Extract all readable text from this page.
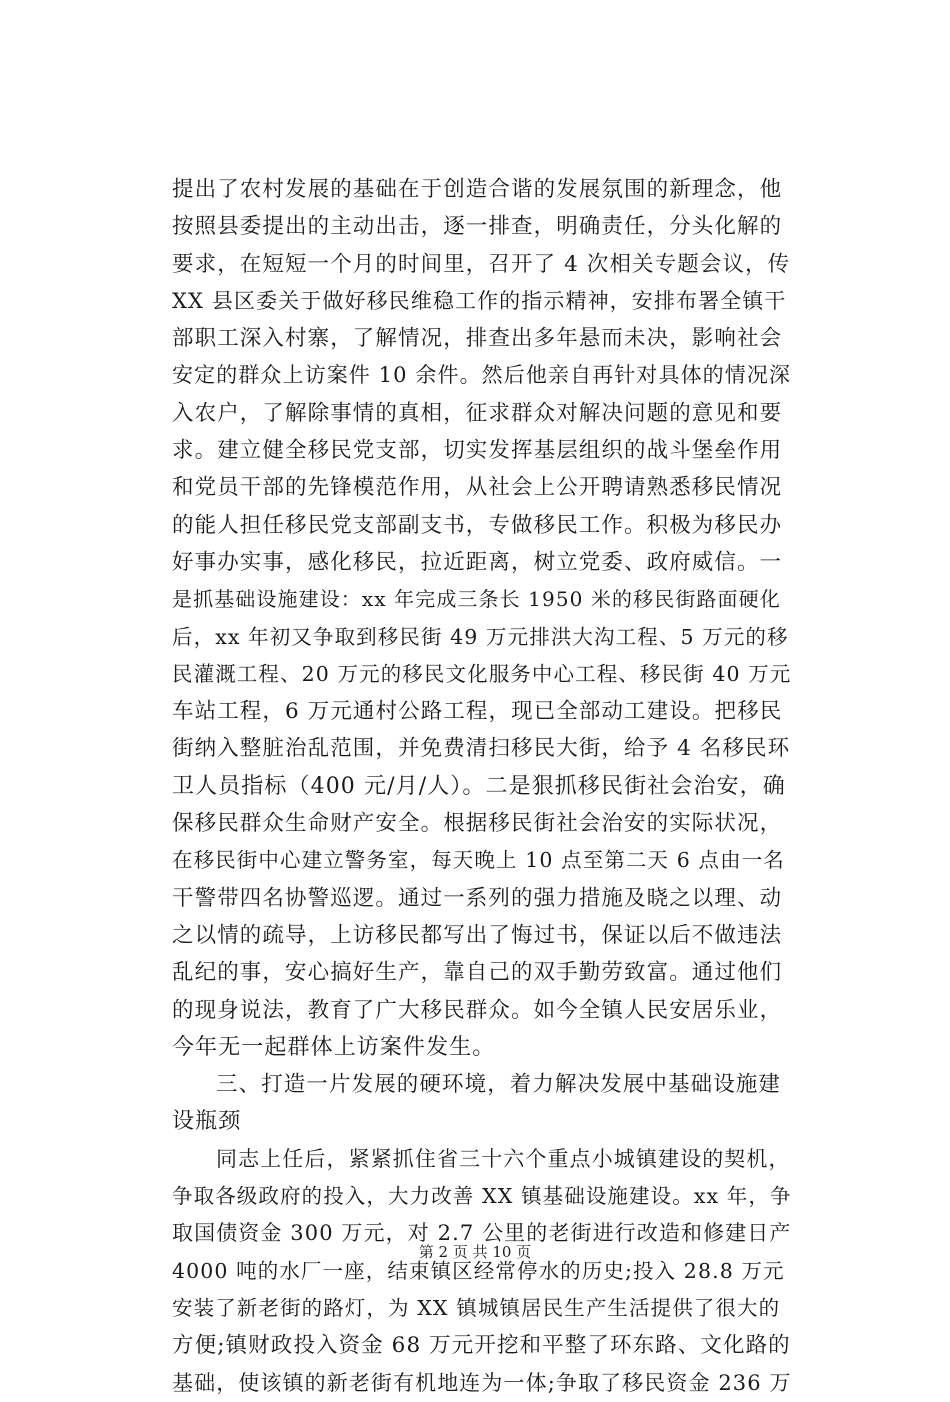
提出了农村发展的基础在于创造合谐的发展氛围的新理念，他
按照县委提出的主动出击，逐一排查，明确责任，分头化解的
要求，在短短一个月的时间里，召开了 4 次相关专题会议，传
XX 县区委关于做好移民维稳工作的指示精神，安排布署全镇干
部职工深入村寨，了解情况，排查出多年悬而未决，影响社会
安定的群众上访案件 10 余件。然后他亲自再针对具体的情况深
入农户，了解除事情的真相，征求群众对解决问题的意见和要
求。建立健全移民党支部，切实发挥基层组织的战斗堡垒作用
和党员干部的先锋模范作用，从社会上公开聘请熟悉移民情况
的能人担任移民党支部副支书，专做移民工作。积极为移民办
好事办实事，感化移民，拉近距离，树立党委、政府威信。一
是抓基础设施建设：xx 年完成三条长 1950 米的移民街路面硬化
后，xx 年初又争取到移民街 49 万元排洪大沟工程、5 万元的移
民灌溉工程、20 万元的移民文化服务中心工程、移民街 40 万元
车站工程，6 万元通村公路工程，现已全部动工建设。把移民
街纳入整脏治乱范围，并免费清扫移民大街，给予 4 名移民环
卫人员指标（400 元/月/人）。二是狠抓移民街社会治安，确
保移民群众生命财产安全。根据移民街社会治安的实际状况，
在移民街中心建立警务室，每天晚上 10 点至第二天 6 点由一名
干警带四名协警巡逻。通过一系列的强力措施及晓之以理、动
之以情的疏导，上访移民都写出了悔过书，保证以后不做违法
乱纪的事，安心搞好生产，靠自己的双手勤劳致富。通过他们
的现身说法，教育了广大移民群众。如今全镇人民安居乐业，
今年无一起群体上访案件发生。
三、打造一片发展的硬环境，着力解决发展中基础设施建
设瓶颈
同志上任后，紧紧抓住省三十六个重点小城镇建设的契机，
争取各级政府的投入，大力改善 XX 镇基础设施建设。xx 年，争
取国债资金 300 万元，对 2.7 公里的老街进行改造和修建日产
4000 吨的水厂一座，结束镇区经常停水的历史;投入 28.8 万元
安装了新老街的路灯，为 XX 镇城镇居民生产生活提供了很大的
方便;镇财政投入资金 68 万元开挖和平整了环东路、文化路的
基础，使该镇的新老街有机地连为一体;争取了移民资金 236 万
第 2 页 共 10 页
